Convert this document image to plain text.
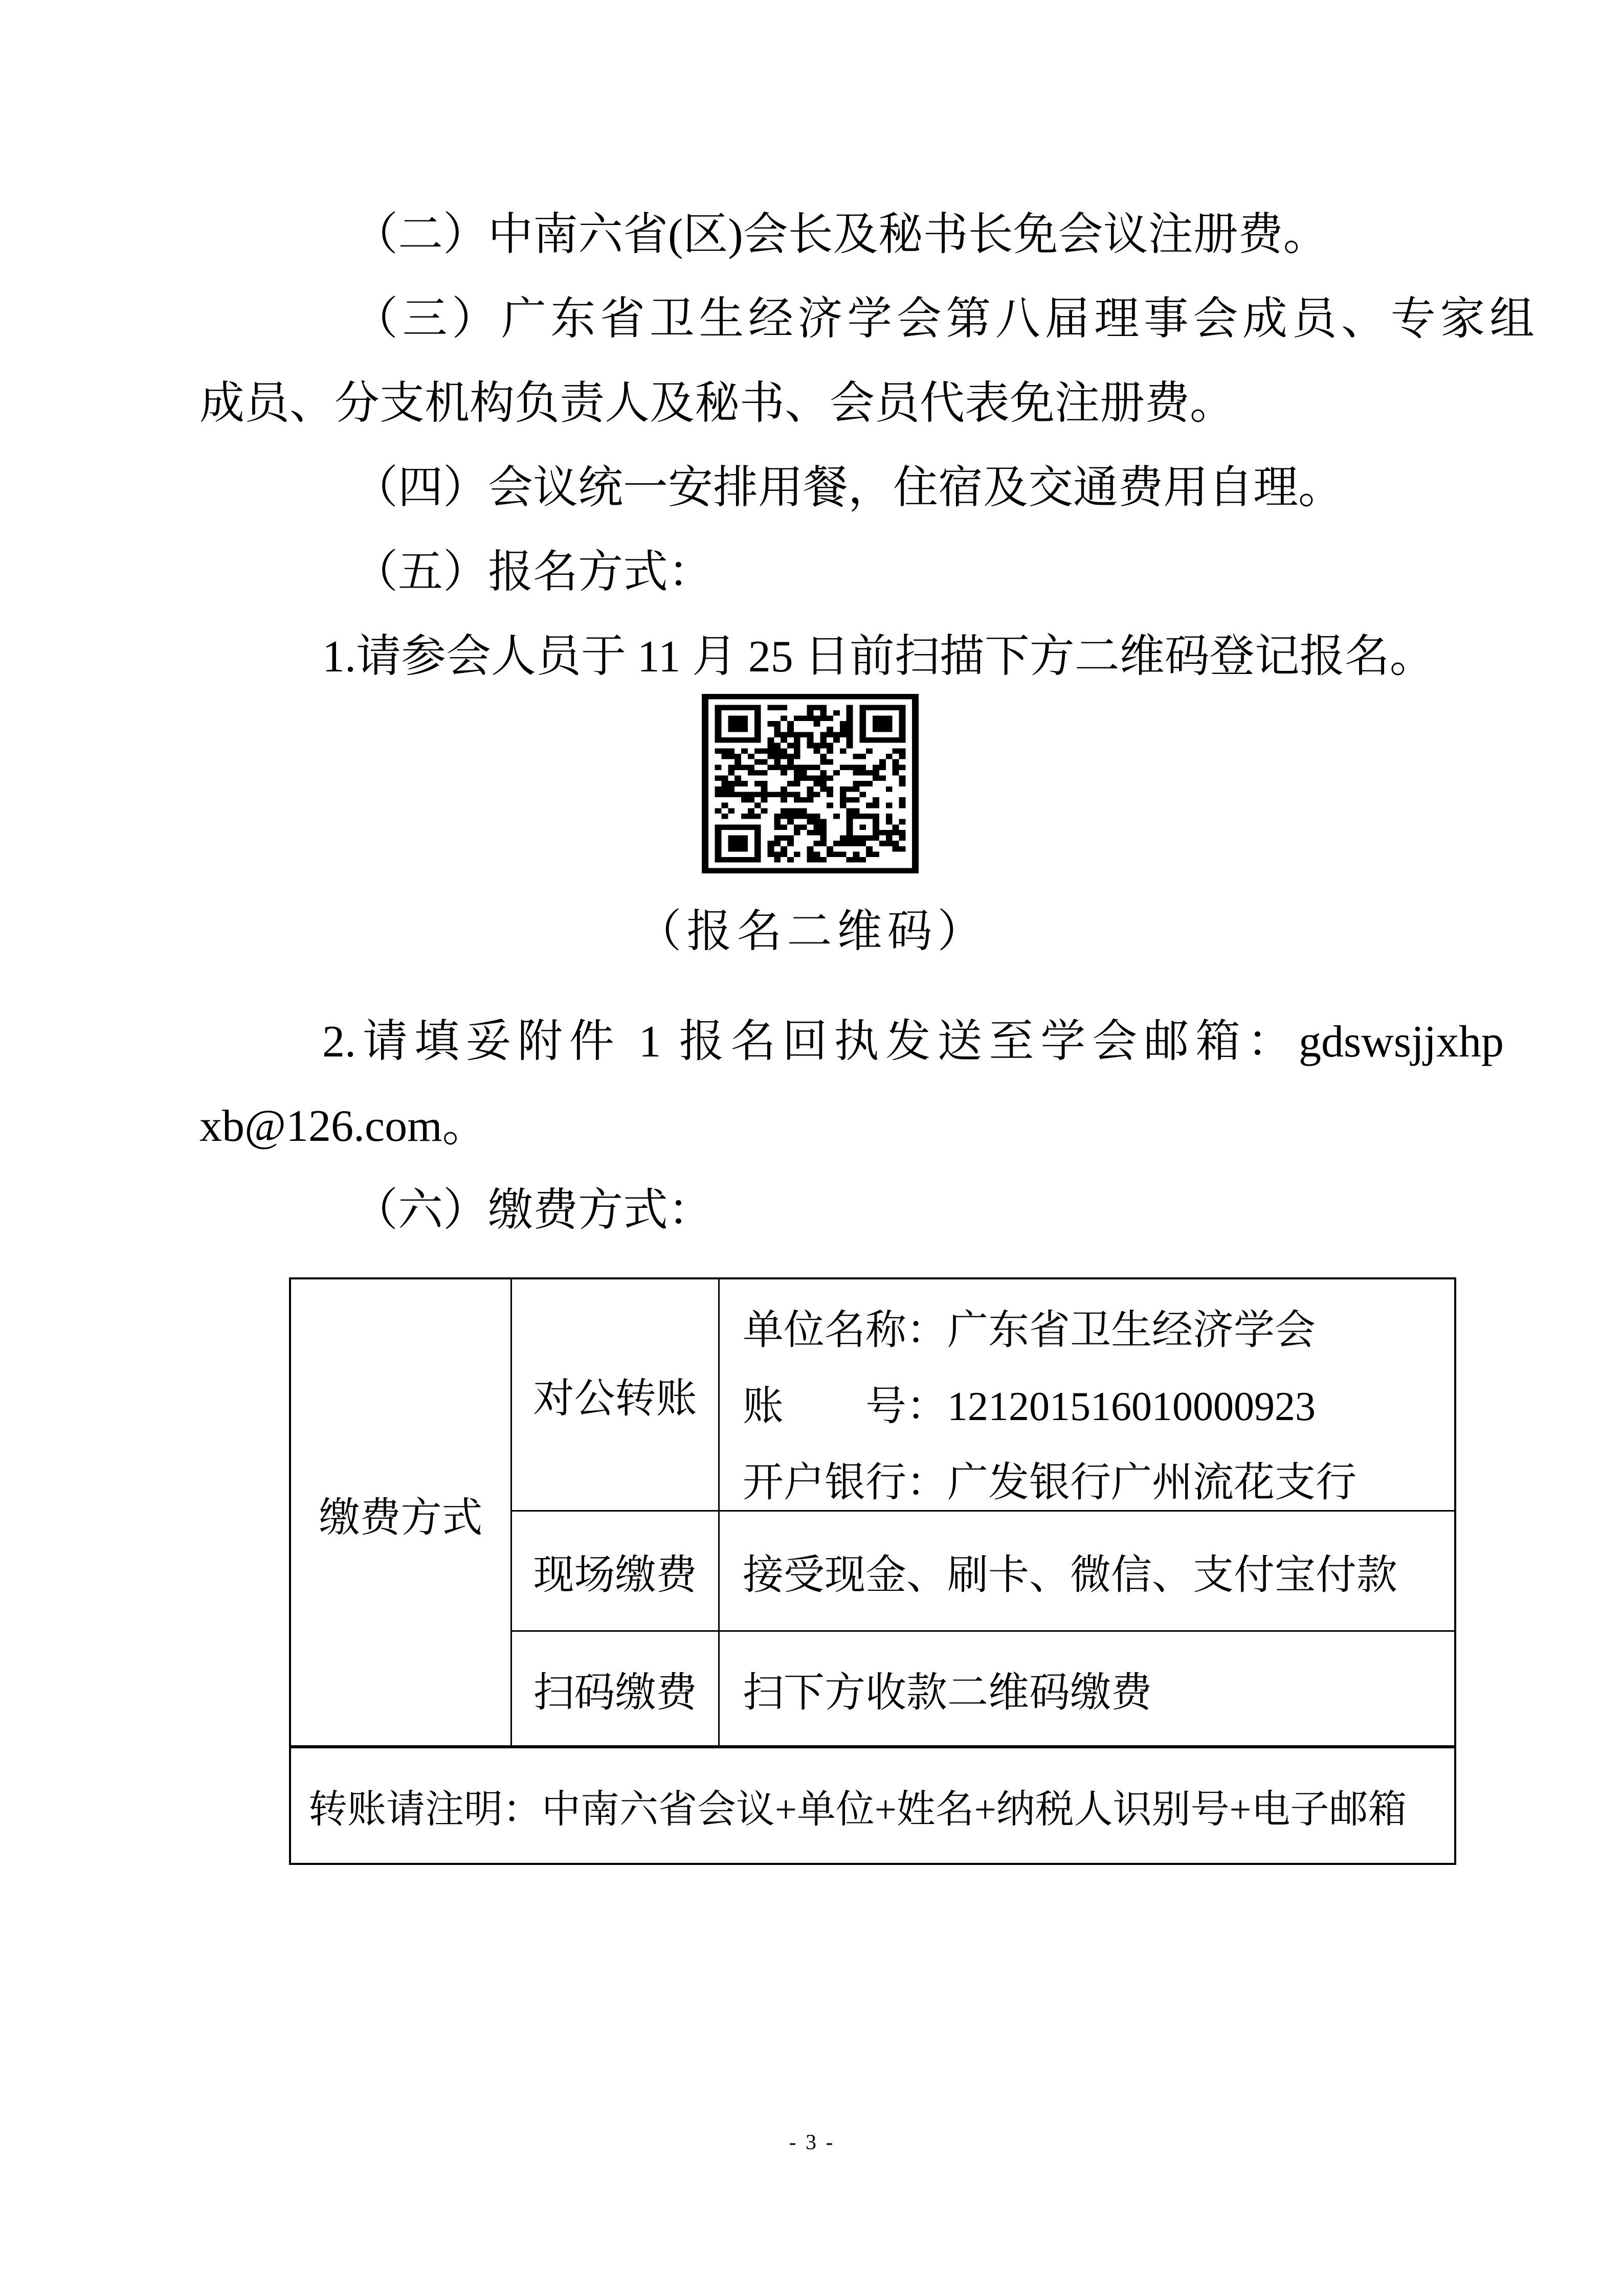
（二）中南六省(区)会长及秘书长免会议注册费。
（三）广东省卫生经济学会第八届理事会成员、专家组
成员、分支机构负责人及秘书、会员代表免注册费。
（四）会议统一安排用餐，住宿及交通费用自理。
（五）报名方式：
1.请参会人员于 11 月 25 日前扫描下方二维码登记报名。
（报名二维码）
2.请填妥附件 1 报名回执发送至学会邮箱：gdswsjjxhp
xb@126.com。
（六）缴费方式：
缴费方式
对公转账
单位名称：广东省卫生经济学会
账　　号：121201516010000923
开户银行：广发银行广州流花支行
现场缴费	接受现金、刷卡、微信、支付宝付款
扫码缴费	扫下方收款二维码缴费
转账请注明：中南六省会议+单位+姓名+纳税人识别号+电子邮箱
- 3 -
